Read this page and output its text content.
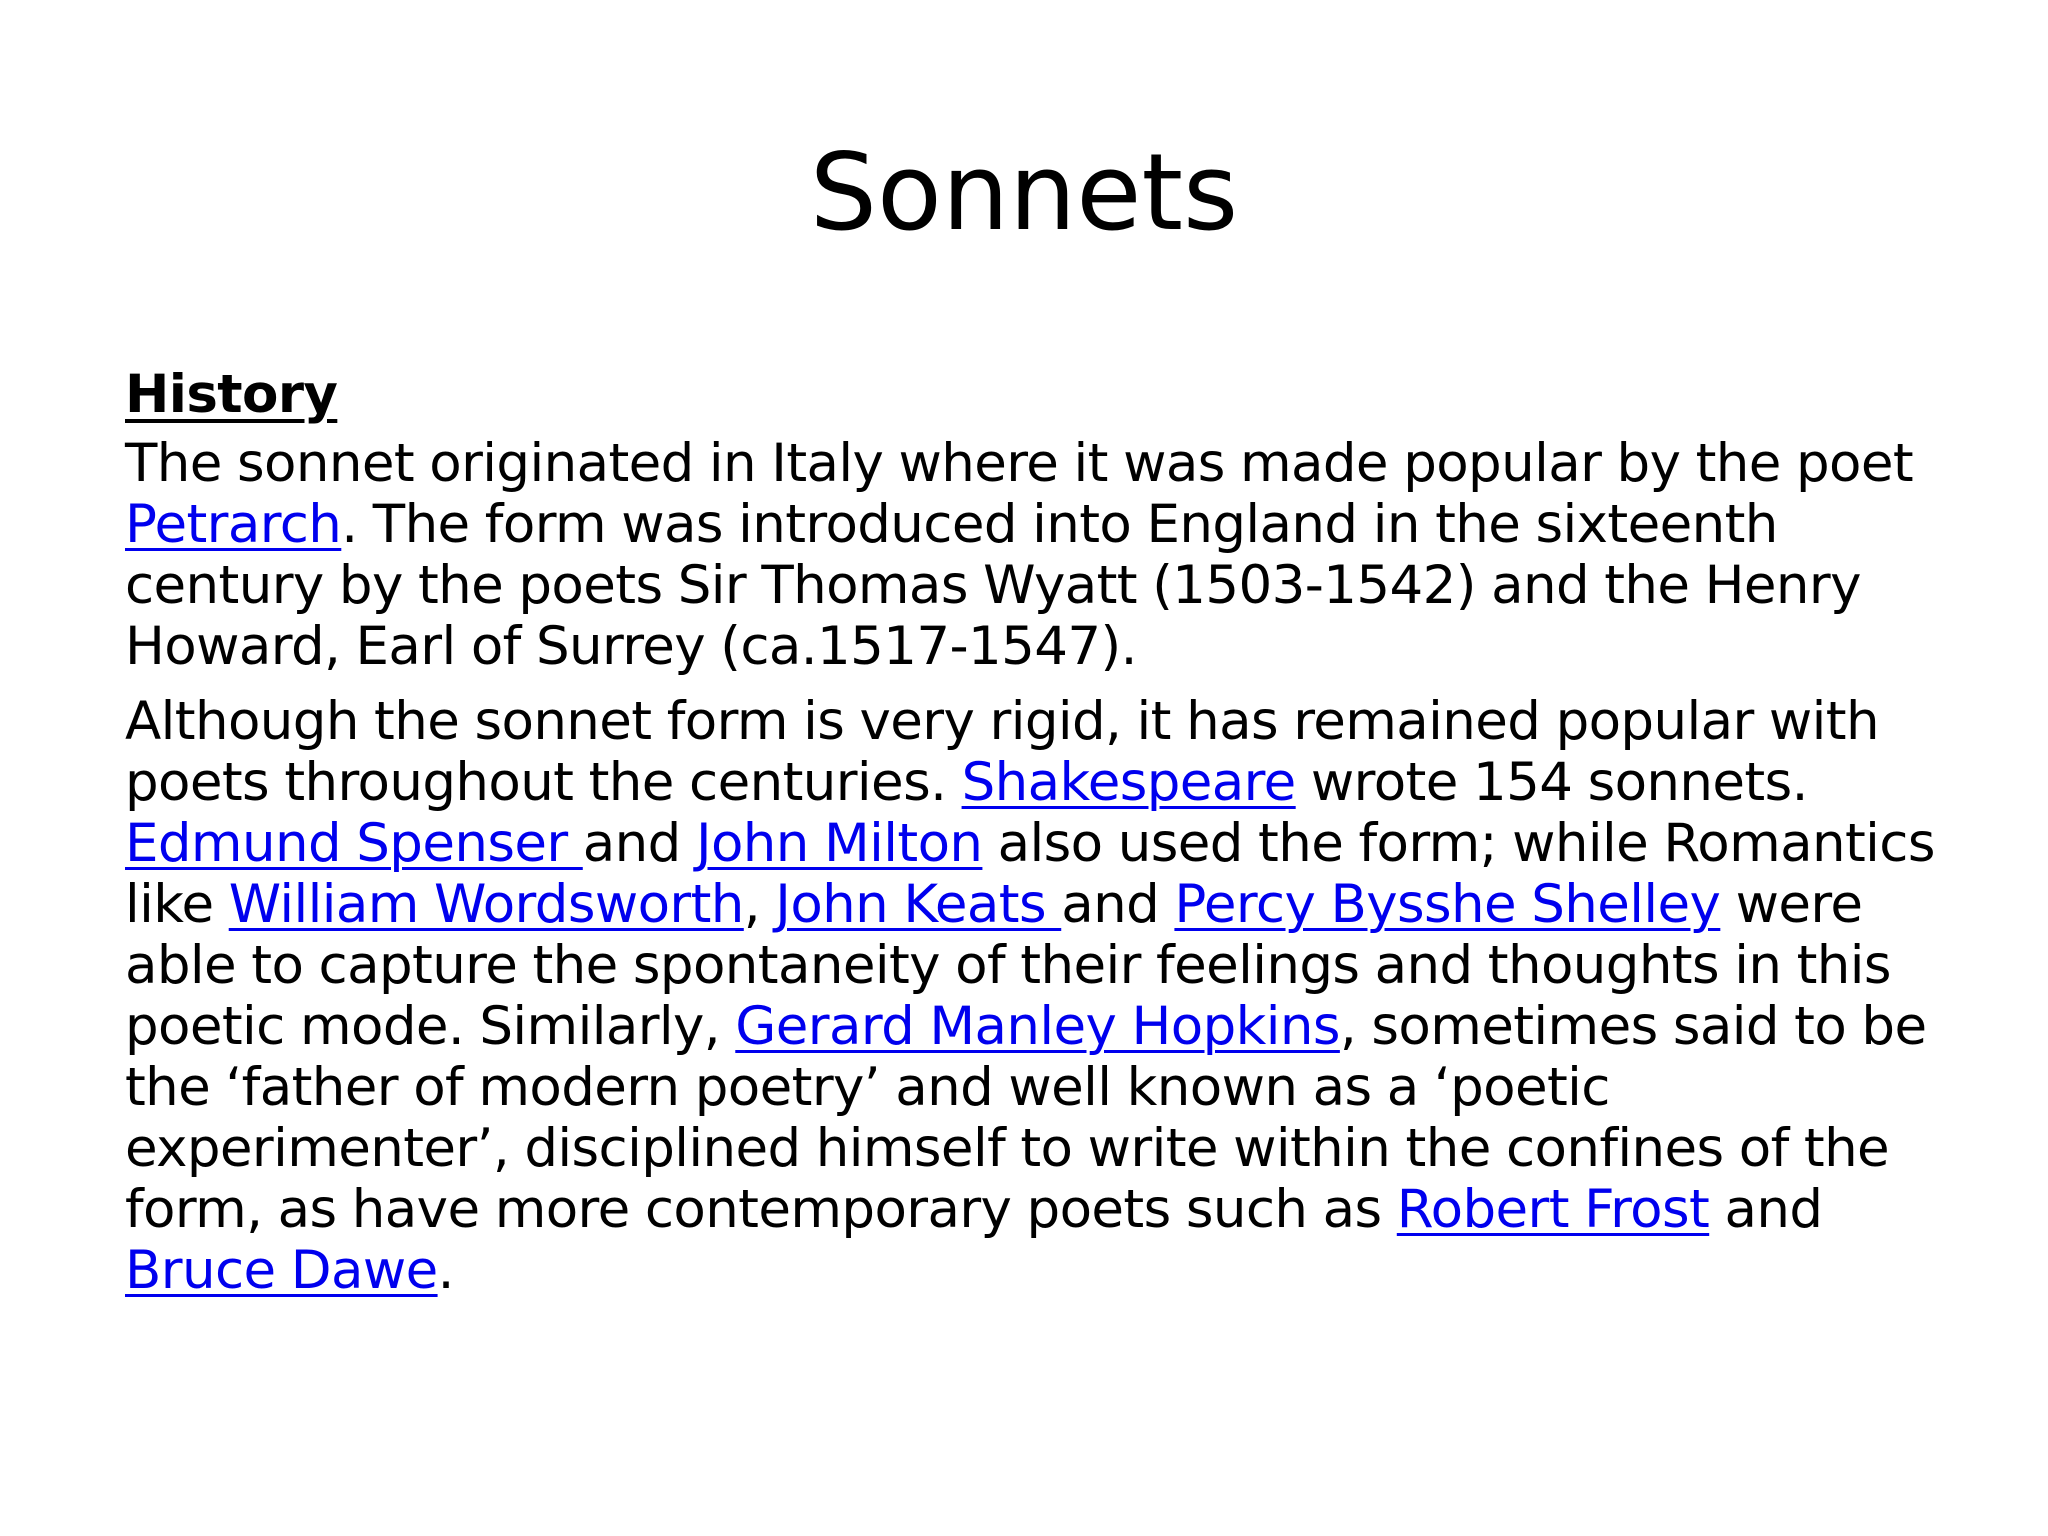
Sonnets
History

The sonnet originated in Italy where it was made popular by the poet Petrarch. The form was introduced into England in the sixteenth century by the poets Sir Thomas Wyatt (1503-1542) and the Henry Howard, Earl of Surrey (ca.1517-1547).

Although the sonnet form is very rigid, it has remained popular with poets throughout the centuries. Shakespeare wrote 154 sonnets. Edmund Spenser and John Milton also used the form; while Romantics like William Wordsworth, John Keats and Percy Bysshe Shelley were able to capture the spontaneity of their feelings and thoughts in this poetic mode. Similarly, Gerard Manley Hopkins, sometimes said to be the ‘father of modern poetry’ and well known as a ‘poetic experimenter’, disciplined himself to write within the confines of the form, as have more contemporary poets such as Robert Frost and Bruce Dawe.
